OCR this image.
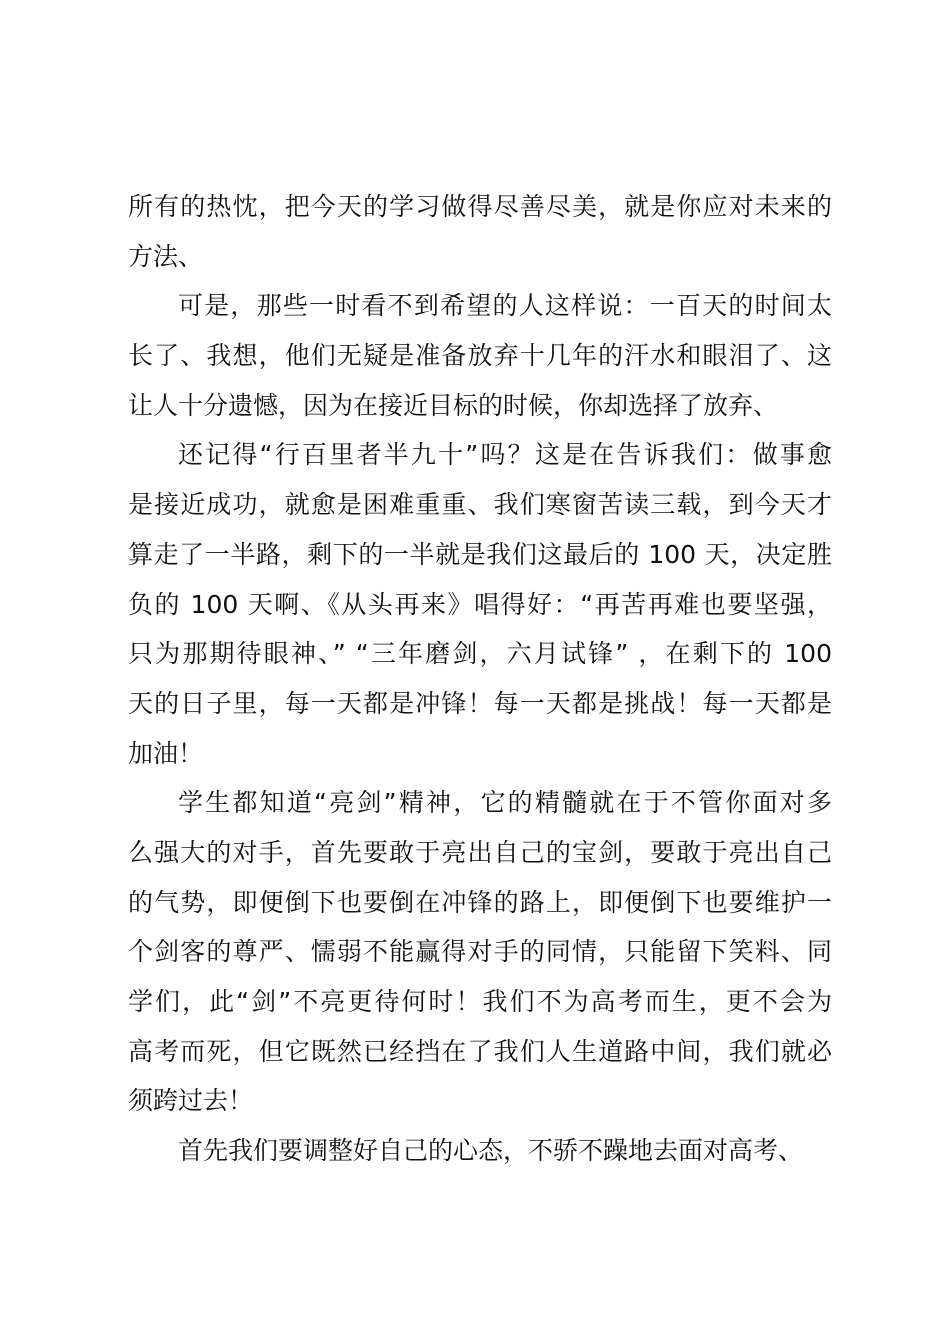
所有的热忱，把今天的学习做得尽善尽美，就是你应对未来的
方法、
可是，那些一时看不到希望的人这样说：一百天的时间太
长了、我想，他们无疑是准备放弃十几年的汗水和眼泪了、这
让人十分遗憾，因为在接近目标的时候，你却选择了放弃、
还记得“行百里者半九十”吗？这是在告诉我们：做事愈
是接近成功，就愈是困难重重、我们寒窗苦读三载，到今天才
算走了一半路，剩下的一半就是我们这最后的 100 天，决定胜
负的 100 天啊、《从头再来》唱得好：“再苦再难也要坚强，
只为那期待眼神、” “三年磨剑，六月试锋” ，在剩下的 100
天的日子里，每一天都是冲锋！每一天都是挑战！每一天都是
加油！
学生都知道“亮剑”精神，它的精髓就在于不管你面对多
么强大的对手，首先要敢于亮出自己的宝剑，要敢于亮出自己
的气势，即便倒下也要倒在冲锋的路上，即便倒下也要维护一
个剑客的尊严、懦弱不能赢得对手的同情，只能留下笑料、同
学们，此“剑”不亮更待何时！我们不为高考而生，更不会为
高考而死，但它既然已经挡在了我们人生道路中间，我们就必
须跨过去！
首先我们要调整好自己的心态，不骄不躁地去面对高考、
